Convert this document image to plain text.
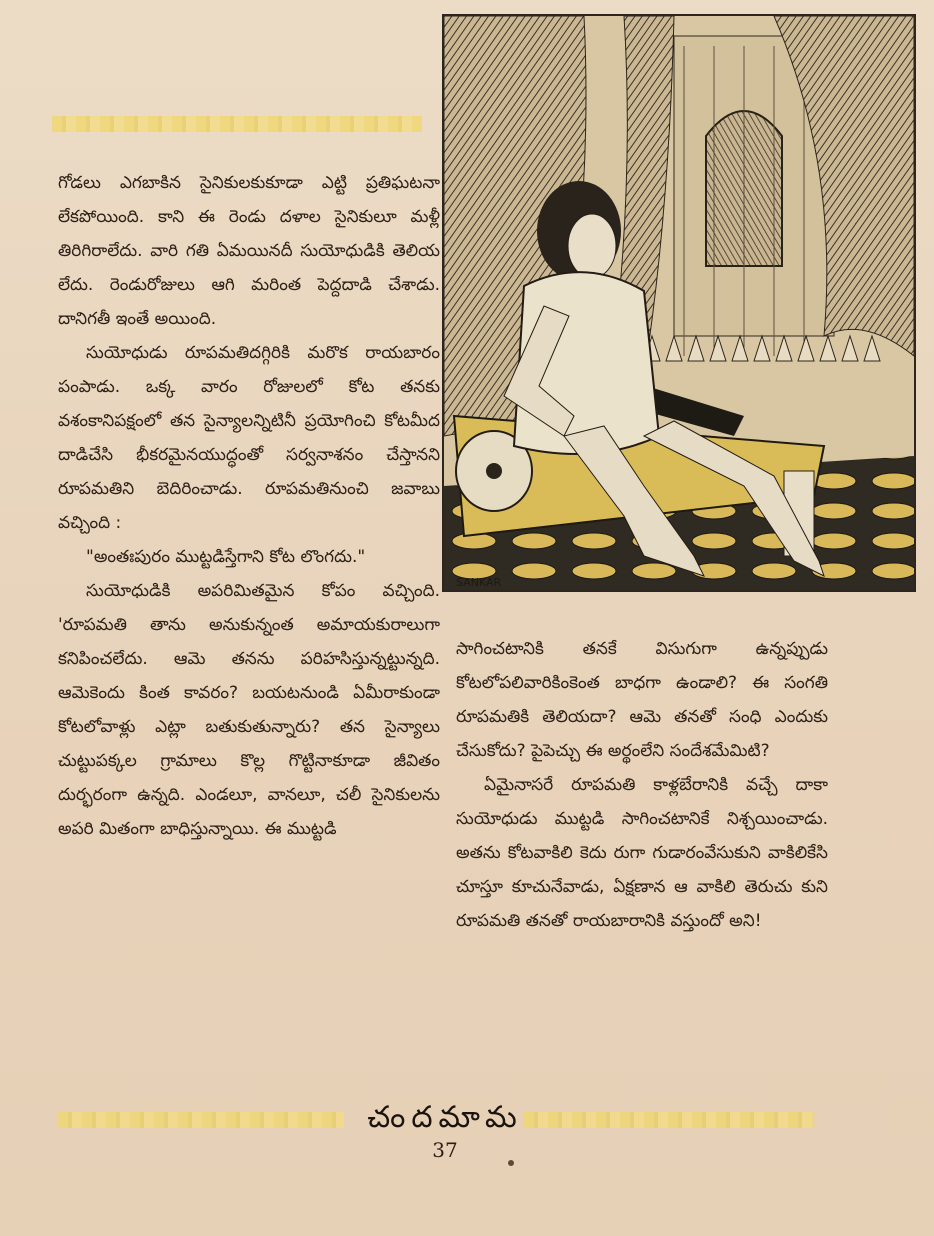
గోడలు ఎగబాకిన సైనికులకుకూడా ఎట్టి ప్రతిఘటనా లేకపోయింది. కాని ఈ రెండు దళాల సైనికులూ మళ్లీ తిరిగిరాలేదు. వారి గతి ఏమయినదీ సుయోధుడికి తెలియ లేదు. రెండురోజులు ఆగి మరింత పెద్దదాడి చేశాడు. దానిగతీ ఇంతే అయింది.

సుయోధుడు రూపమతిదగ్గిరికి మరొక రాయబారం పంపాడు. ఒక్క వారం రోజులలో కోట తనకు వశంకానిపక్షంలో తన సైన్యాలన్నిటినీ ప్రయోగించి కోటమీద దాడిచేసి భీకరమైనయుద్ధంతో సర్వనాశనం చేస్తానని రూపమతిని బెదిరించాడు. రూపమతినుంచి జవాబు వచ్చింది :

"అంతఃపురం ముట్టడిస్తేగాని కోట లొంగదు."

సుయోధుడికి అపరిమితమైన కోపం వచ్చింది. 'రూపమతి తాను అనుకున్నంత అమాయకురాలుగా కనిపించలేదు. ఆమె తనను పరిహసిస్తున్నట్టున్నది. ఆమెకెందు కింత కావరం? బయటనుండి ఏమీరాకుండా కోటలోవాళ్లు ఎట్లా బతుకుతున్నారు? తన సైన్యాలు చుట్టుపక్కల గ్రామాలు కొల్ల గొట్టినాకూడా జీవితం దుర్భరంగా ఉన్నది. ఎండలూ, వానలూ, చలీ సైనికులను అపరి మితంగా బాధిస్తున్నాయి. ఈ ముట్టడి

SANKAR

సాగించటానికి తనకే విసుగుగా ఉన్నప్పుడు కోటలోపలివారికింకెంత బాధగా ఉండాలి? ఈ సంగతి రూపమతికి తెలియదా? ఆమె తనతో సంధి ఎందుకు చేసుకోదు? పైపెచ్చు ఈ అర్థంలేని సందేశమేమిటి?

ఏమైనాసరే రూపమతి కాళ్లబేరానికి వచ్చే దాకా సుయోధుడు ముట్టడి సాగించటానికే నిశ్చయించాడు. అతను కోటవాకిలి కెదు రుగా గుడారంవేసుకుని వాకిలికేసి చూస్తూ కూచునేవాడు, ఏక్షణాన ఆ వాకిలి తెరుచు కుని రూపమతి తనతో రాయబారానికి వస్తుందో అని!

చందమామ
37
